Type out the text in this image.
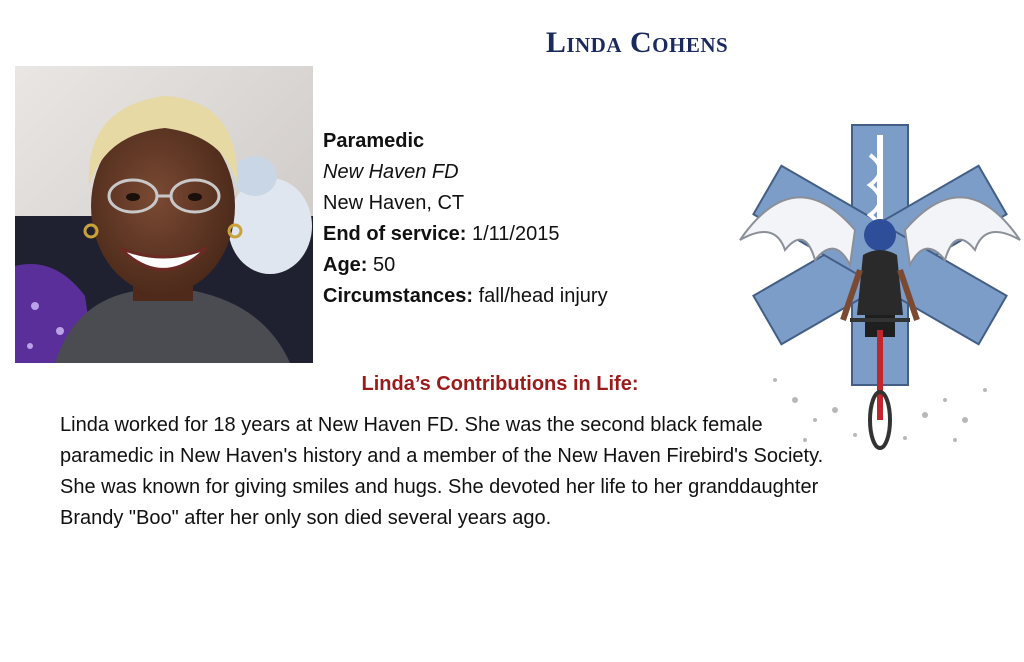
Linda Cohens
Paramedic
New Haven FD
New Haven, CT
End of service: 1/11/2015
Age: 50
Circumstances: fall/head injury
Linda’s Contributions in Life:
Linda worked for 18 years at New Haven FD. She was the second black female
paramedic in New Haven's history and a member of the New Haven Firebird's Society.
She was known for giving smiles and hugs. She devoted her life to her granddaughter
Brandy "Boo" after her only son died several years ago.
